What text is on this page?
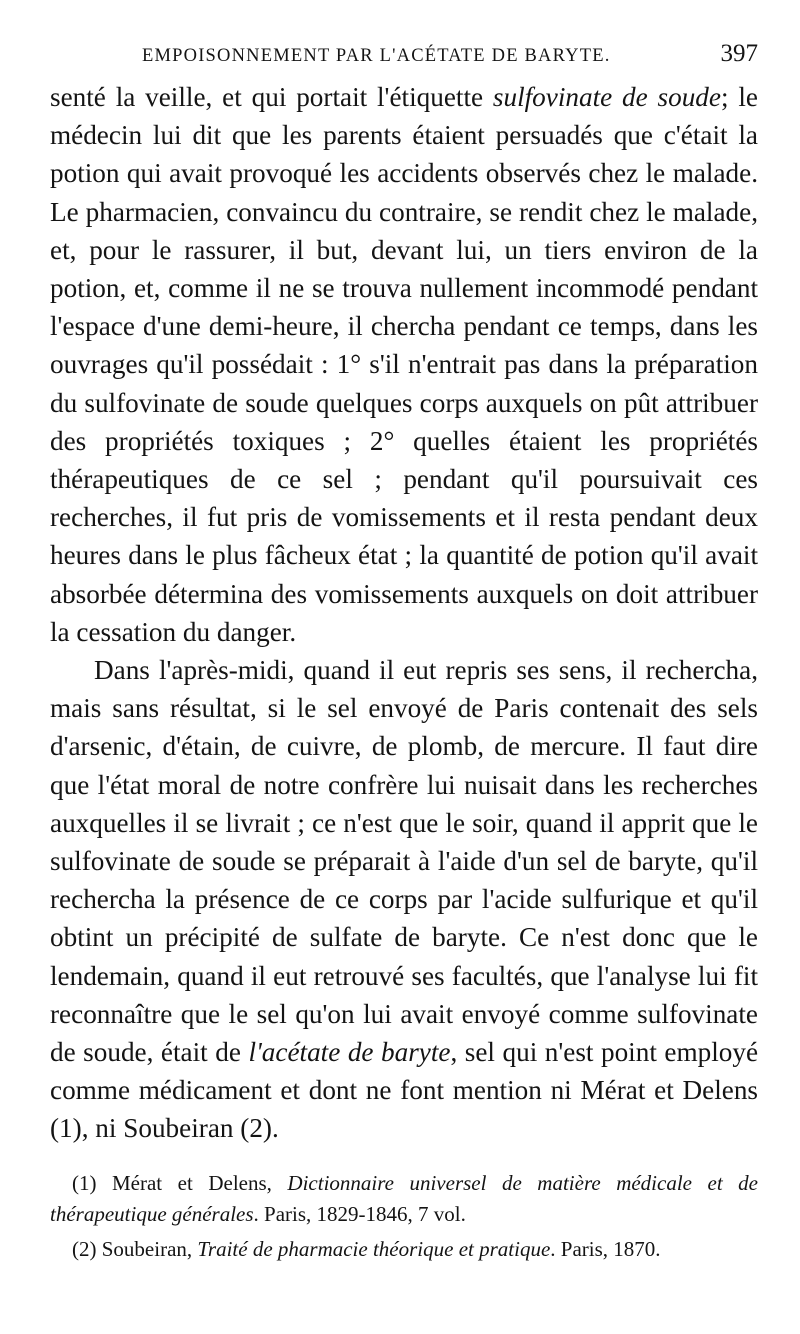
EMPOISONNEMENT PAR L'ACÉTATE DE BARYTE.	397

senté la veille, et qui portait l'étiquette sulfovinate de soude; le médecin lui dit que les parents étaient persuadés que c'était la potion qui avait provoqué les accidents observés chez le malade. Le pharmacien, convaincu du contraire, se rendit chez le malade, et, pour le rassurer, il but, devant lui, un tiers environ de la potion, et, comme il ne se trouva nullement incommodé pendant l'espace d'une demi-heure, il chercha pendant ce temps, dans les ouvrages qu'il possédait : 1° s'il n'entrait pas dans la préparation du sulfovinate de soude quelques corps auxquels on pût attribuer des propriétés toxiques ; 2° quelles étaient les propriétés thérapeutiques de ce sel ; pendant qu'il poursuivait ces recherches, il fut pris de vomissements et il resta pendant deux heures dans le plus fâcheux état ; la quantité de potion qu'il avait absorbée détermina des vomissements auxquels on doit attribuer la cessation du danger.

Dans l'après-midi, quand il eut repris ses sens, il rechercha, mais sans résultat, si le sel envoyé de Paris contenait des sels d'arsenic, d'étain, de cuivre, de plomb, de mercure. Il faut dire que l'état moral de notre confrère lui nuisait dans les recherches auxquelles il se livrait ; ce n'est que le soir, quand il apprit que le sulfovinate de soude se préparait à l'aide d'un sel de baryte, qu'il rechercha la présence de ce corps par l'acide sulfurique et qu'il obtint un précipité de sulfate de baryte. Ce n'est donc que le lendemain, quand il eut retrouvé ses facultés, que l'analyse lui fit reconnaître que le sel qu'on lui avait envoyé comme sulfovinate de soude, était de l'acétate de baryte, sel qui n'est point employé comme médicament et dont ne font mention ni Mérat et Delens (1), ni Soubeiran (2).

(1) Mérat et Delens, Dictionnaire universel de matière médicale et de thérapeutique générales. Paris, 1829-1846, 7 vol.

(2) Soubeiran, Traité de pharmacie théorique et pratique. Paris, 1870.
